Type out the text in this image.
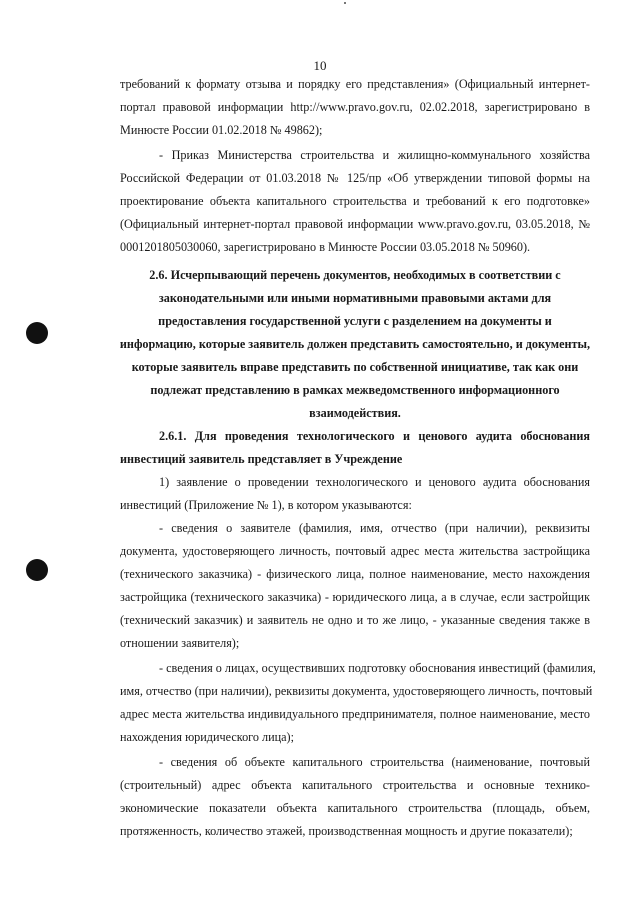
10
требований к формату отзыва и порядку его представления» (Официальный интернет-
портал правовой информации http://www.pravo.gov.ru, 02.02.2018, зарегистрировано в
Минюсте России 01.02.2018 № 49862);
- Приказ Министерства строительства и жилищно-коммунального хозяйства
Российской Федерации от 01.03.2018 № 125/пр «Об утверждении типовой формы на
проектирование объекта капитального строительства и требований к его подготовке»
(Официальный интернет-портал правовой информации www.pravo.gov.ru, 03.05.2018, №
0001201805030060, зарегистрировано в Минюсте России 03.05.2018 № 50960).
2.6. Исчерпывающий перечень документов, необходимых в соответствии с
законодательными или иными нормативными правовыми актами для
предоставления государственной услуги с разделением на документы и
информацию, которые заявитель должен представить самостоятельно, и документы,
которые заявитель вправе представить по собственной инициативе, так как они
подлежат представлению в рамках межведомственного информационного
взаимодействия.
2.6.1. Для проведения технологического и ценового аудита обоснования
инвестиций заявитель представляет в Учреждение
1) заявление о проведении технологического и ценового аудита обоснования
инвестиций (Приложение № 1), в котором указываются:
- сведения о заявителе (фамилия, имя, отчество (при наличии), реквизиты
документа, удостоверяющего личность, почтовый адрес места жительства застройщика
(технического заказчика) - физического лица, полное наименование, место нахождения
застройщика (технического заказчика) - юридического лица, а в случае, если застройщик
(технический заказчик) и заявитель не одно и то же лицо, - указанные сведения также в
отношении заявителя);
- сведения о лицах, осуществивших подготовку обоснования инвестиций (фамилия,
имя, отчество (при наличии), реквизиты документа, удостоверяющего личность, почтовый
адрес места жительства индивидуального предпринимателя, полное наименование, место
нахождения юридического лица);
- сведения об объекте капитального строительства (наименование, почтовый
(строительный) адрес объекта капитального строительства и основные технико-
экономические показатели объекта капитального строительства (площадь, объем,
протяженность, количество этажей, производственная мощность и другие показатели);
